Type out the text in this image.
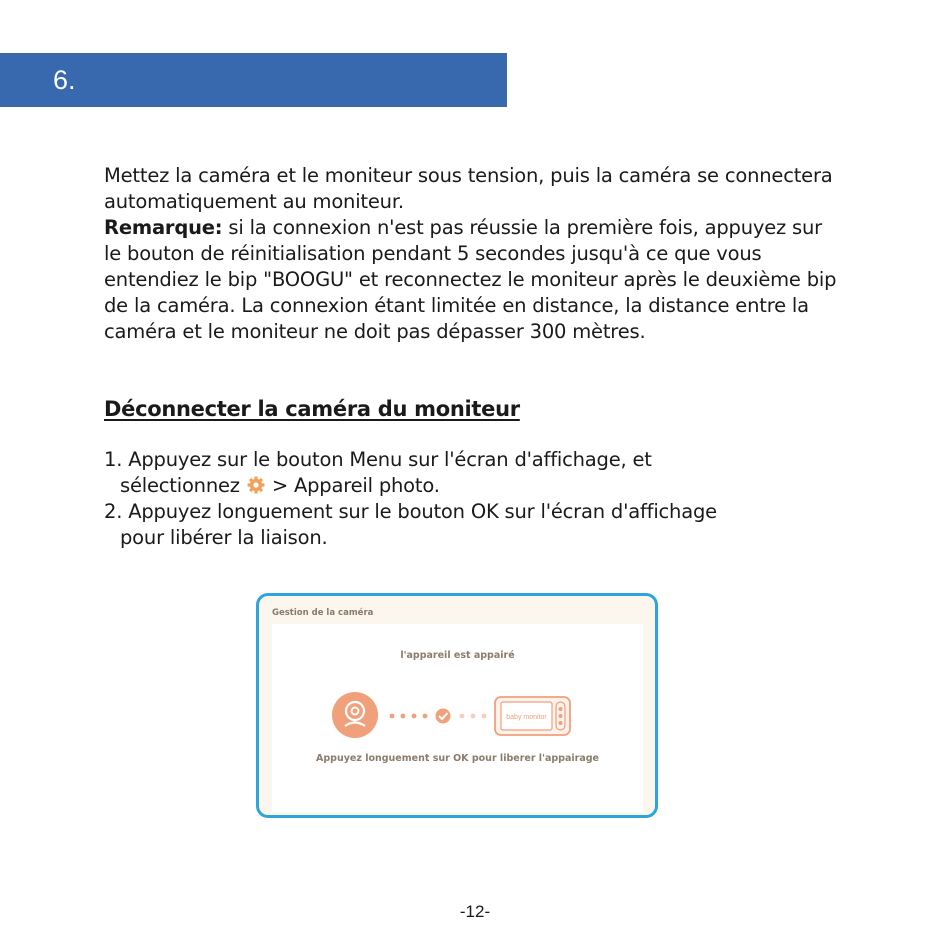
6.

Mettez la caméra et le moniteur sous tension, puis la caméra se connectera automatiquement au moniteur.

Remarque: si la connexion n'est pas réussie la première fois, appuyez sur le bouton de réinitialisation pendant 5 secondes jusqu'à ce que vous entendiez le bip "BOOGU" et reconnectez le moniteur après le deuxième bip de la caméra. La connexion étant limitée en distance, la distance entre la caméra et le moniteur ne doit pas dépasser 300 mètres.

Déconnecter la caméra du moniteur
1. Appuyez sur le bouton Menu sur l'écran d'affichage, et
sélectionnez  > Appareil photo.
2. Appuyez longuement sur le bouton OK sur l'écran d'affichage
pour libérer la liaison.
Gestion de la caméra
l'appareil est appairé
baby monitor
Appuyez longuement sur OK pour liberer l'appairage
-12-
